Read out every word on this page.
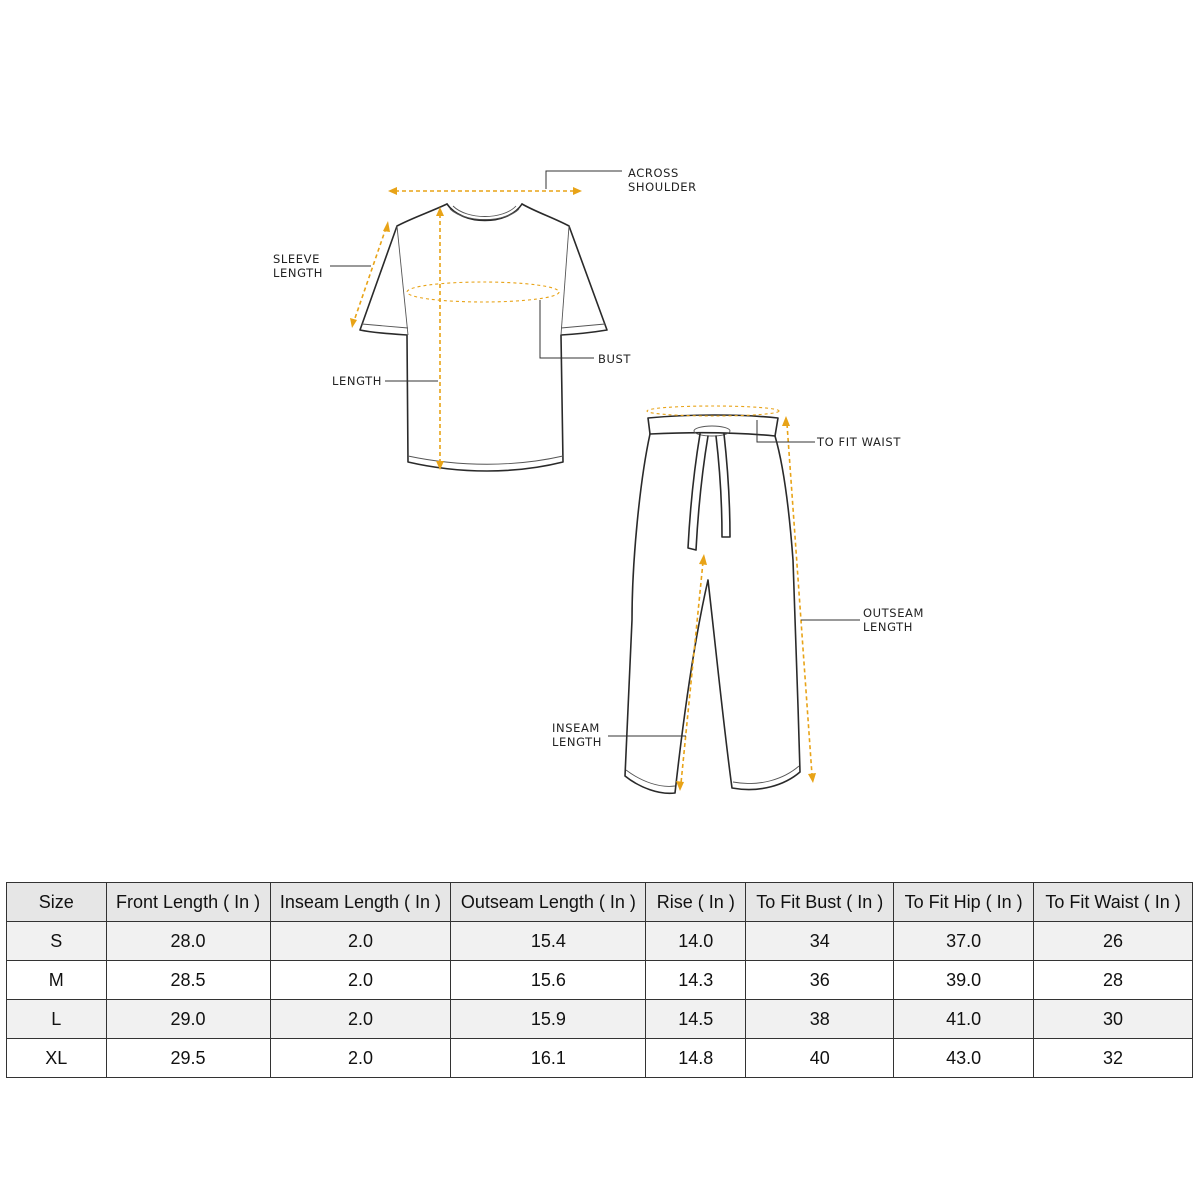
ACROSS
SHOULDER
SLEEVE
LENGTH
BUST
LENGTH
TO FIT WAIST
OUTSEAM
LENGTH
INSEAM
LENGTH
Size	Front Length ( In )	Inseam Length ( In )	Outseam Length ( In )	Rise ( In )	To Fit Bust ( In )	To Fit Hip ( In )	To Fit Waist ( In )
S	28.0	2.0	15.4	14.0	34	37.0	26
M	28.5	2.0	15.6	14.3	36	39.0	28
L	29.0	2.0	15.9	14.5	38	41.0	30
XL	29.5	2.0	16.1	14.8	40	43.0	32
